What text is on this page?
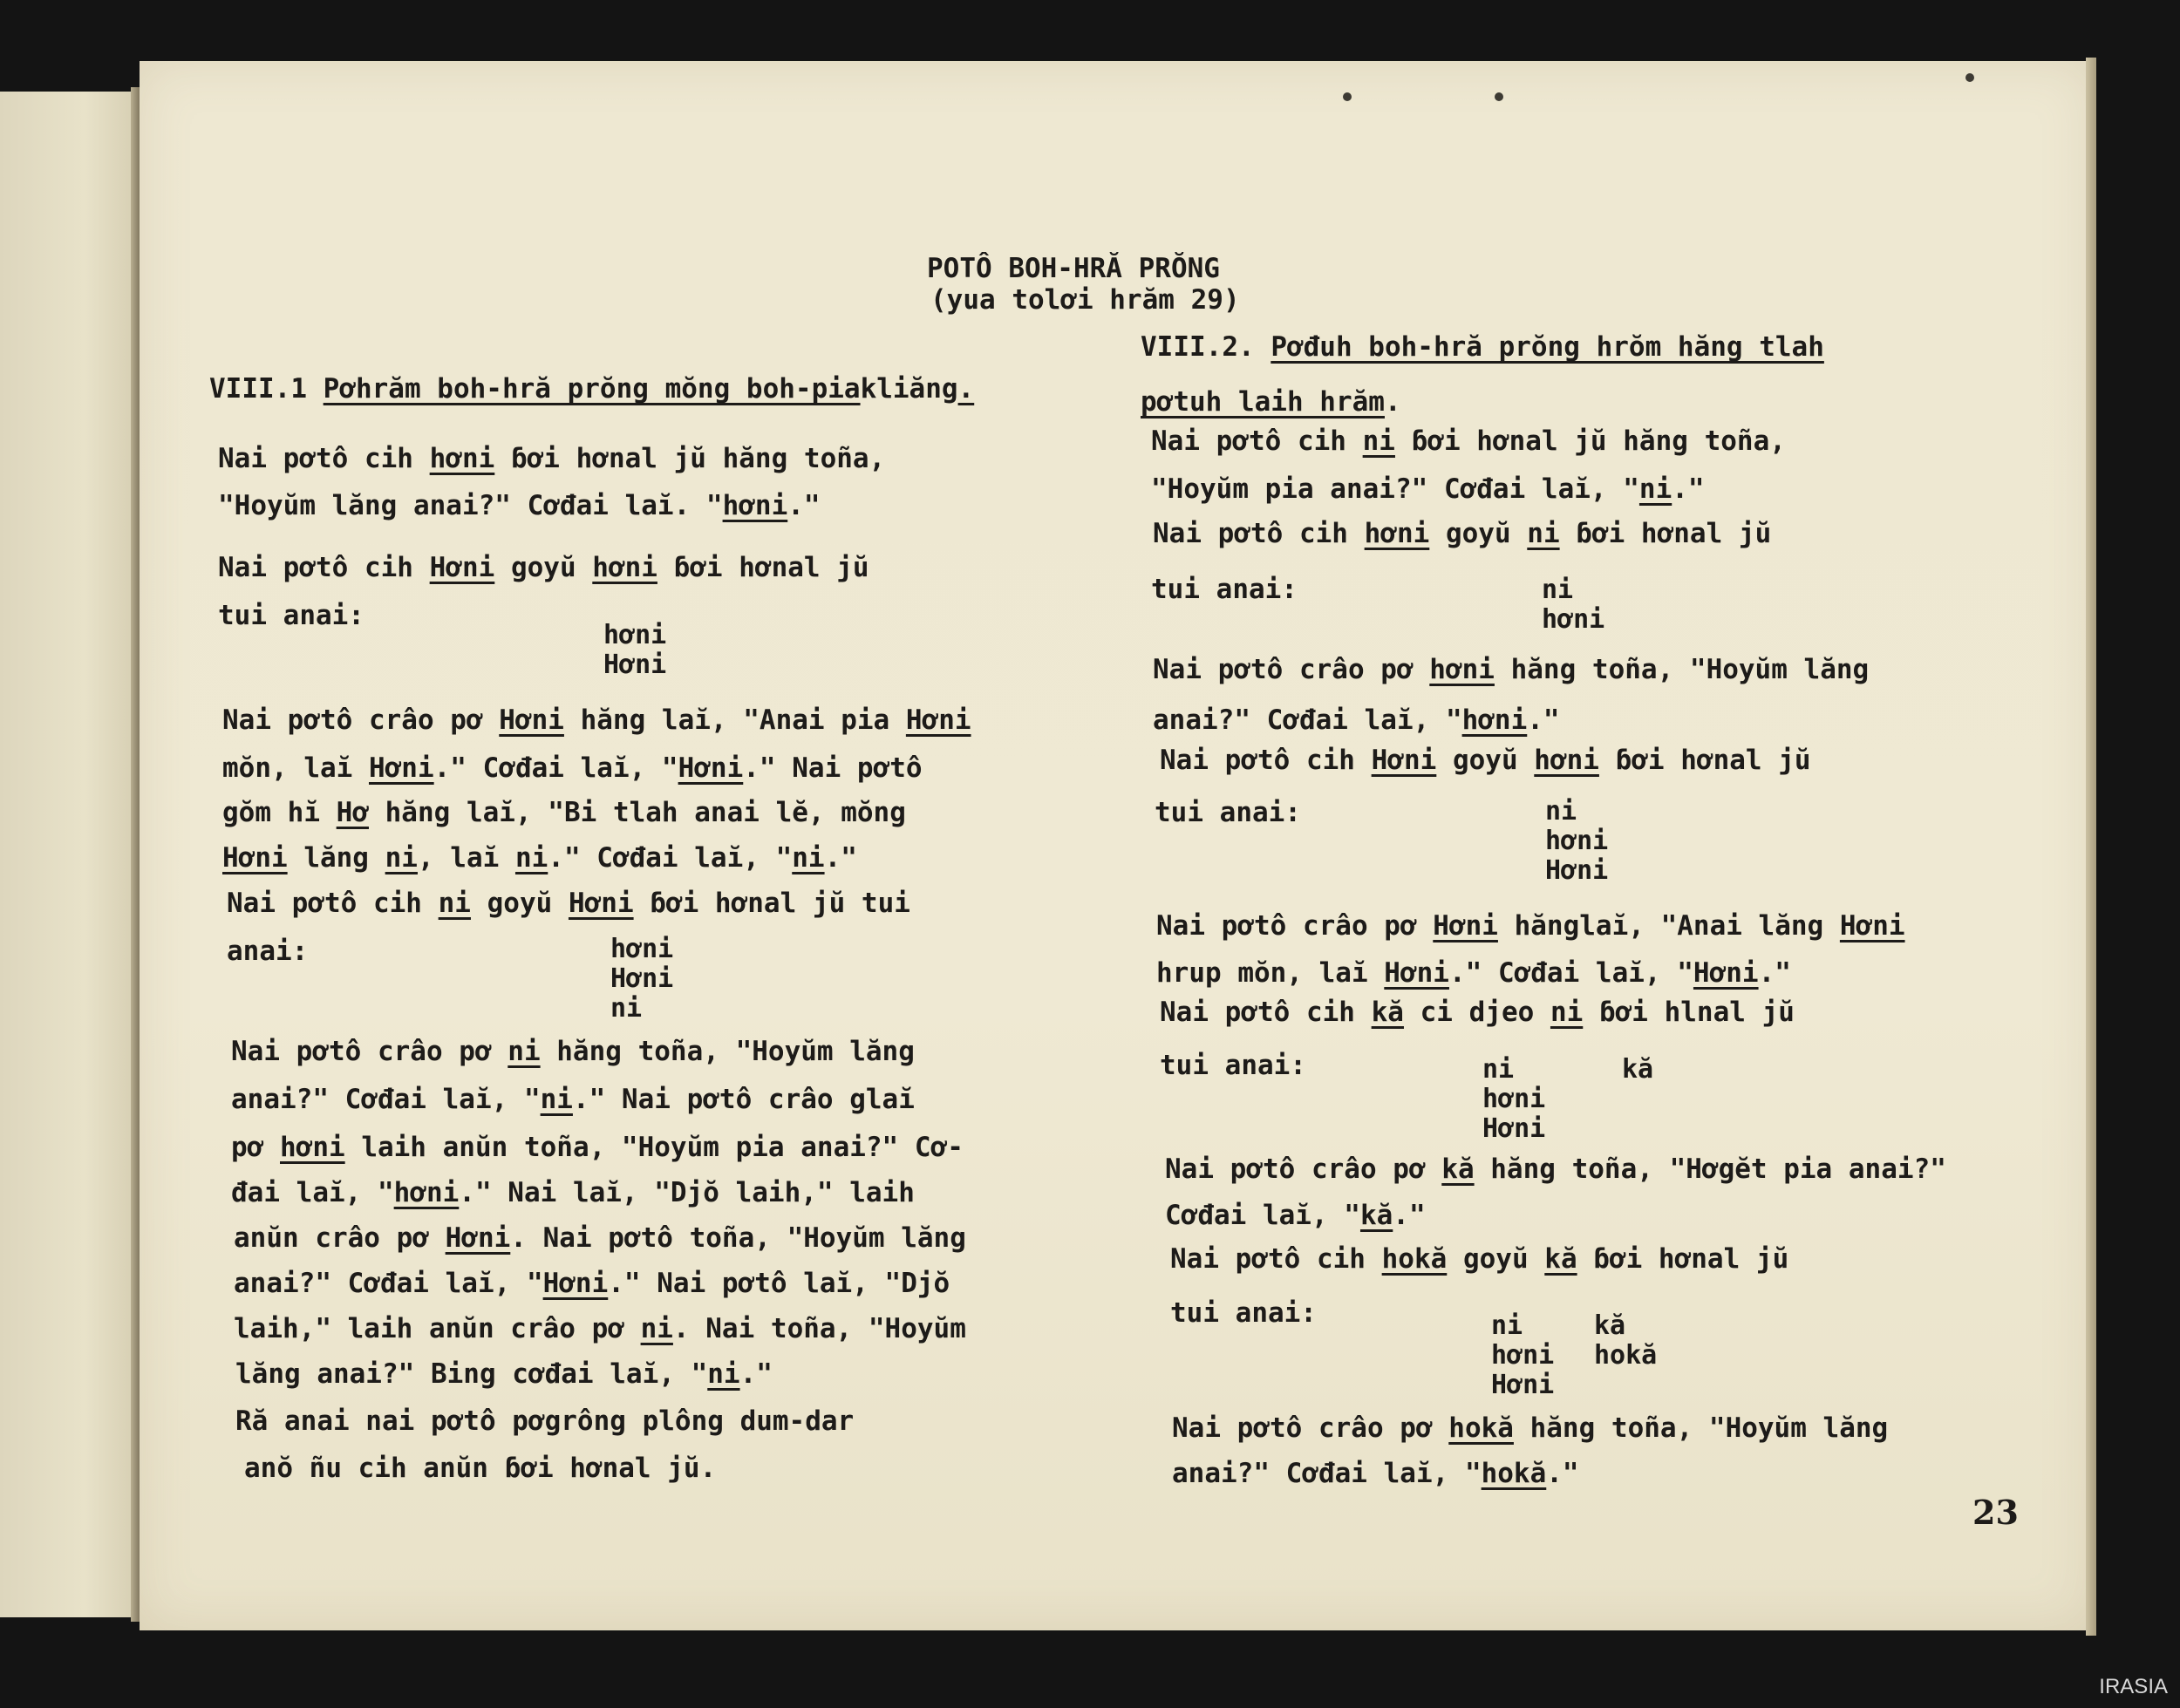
POTÔ BOH-HRĂ PRŎNG
(yua tolơi hrăm 29)
23
IRASIA

VIII.1 Pơhrăm boh-hră prŏng mŏng boh-piakliăng.

Nai pơtô cih hơni ɓơi hơnal jŭ hăng toña,

"Hoyŭm lăng anai?" Cơđai laĭ. "hơni."

Nai pơtô cih Hơni goyŭ hơni ɓơi hơnal jŭ

tui anai:

Nai pơtô crâo pơ Hơni hăng laĭ, "Anai pia Hơni

mŏn, laĭ Hơni." Cơđai laĭ, "Hơni." Nai pơtô

gŏm hĭ Hơ hăng laĭ, "Bi tlah anai lĕ, mŏng

Hơni lăng ni, laĭ ni." Cơđai laĭ, "ni."

Nai pơtô cih ni goyŭ Hơni ɓơi hơnal jŭ tui

anai:

Nai pơtô crâo pơ ni hăng toña, "Hoyŭm lăng

anai?" Cơđai laĭ, "ni." Nai pơtô crâo glaĭ

pơ hơni laih anŭn toña, "Hoyŭm pia anai?" Cơ-

đai laĭ, "hơni." Nai laĭ, "Djŏ laih," laih

anŭn crâo pơ Hơni. Nai pơtô toña, "Hoyŭm lăng

anai?" Cơđai laĭ, "Hơni." Nai pơtô laĭ, "Djŏ

laih," laih anŭn crâo pơ ni. Nai toña, "Hoyŭm

lăng anai?" Bing cơđai laĭ, "ni."

Ră anai nai pơtô pơgrông plông dum-dar

anŏ ñu cih anŭn ɓơi hơnal jŭ.

hơni
Hơni
hơni
Hơni
ni

VIII.2. Pơđuh boh-hră prŏng hrŏm hăng tlah

pơtuh laih hrăm.

Nai pơtô cih ni ɓơi hơnal jŭ hăng toña,

"Hoyŭm pia anai?" Cơđai laĭ, "ni."

Nai pơtô cih hơni goyŭ ni ɓơi hơnal jŭ

tui anai:

Nai pơtô crâo pơ hơni hăng toña, "Hoyŭm lăng

anai?" Cơđai laĭ, "hơni."

Nai pơtô cih Hơni goyŭ hơni ɓơi hơnal jŭ

tui anai:

Nai pơtô crâo pơ Hơni hănglaĭ, "Anai lăng Hơni

hrup mŏn, laĭ Hơni." Cơđai laĭ, "Hơni."

Nai pơtô cih kă ci djeo ni ɓơi hlnal jŭ

tui anai:

Nai pơtô crâo pơ kă hăng toña, "Hơgĕt pia anai?"

Cơđai laĭ, "kă."

Nai pơtô cih hokă goyŭ kă ɓơi hơnal jŭ

tui anai:

Nai pơtô crâo pơ hokă hăng toña, "Hoyŭm lăng

anai?" Cơđai laĭ, "hokă."

ni
hơni
ni
hơni
Hơni
ni
hơni
Hơni
kă
ni
hơni
Hơni
kă
hokă
